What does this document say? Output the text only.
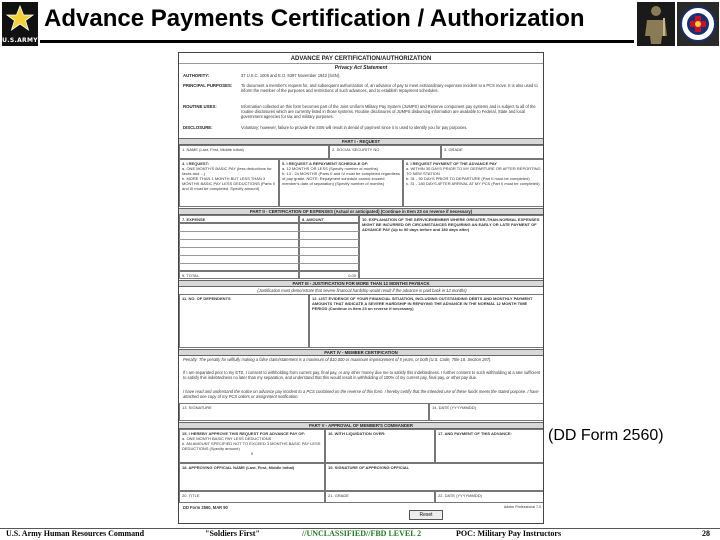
U.S.ARMY
Advance Payments Certification / Authorization
ADVANCE PAY CERTIFICATION/AUTHORIZATION
Privacy Act Statement
AUTHORITY:	37 U.S.C. 1006 and E.O. 9397 November 1943 (SSN).
PRINCIPAL PURPOSES: To document a member's request for, and subsequent authorization of, an advance of pay to meet extraordinary expenses incident to a PCS move. It is also used to inform the member of the purposes and restrictions of such advances, and to establish repayment schedules.
ROUTINE USES:	Information collected on this form becomes part of the Joint Uniform Military Pay System (JUMPS) and Reserve component pay systems and is subject to all of the routine disclosures which are currently listed in those systems. Routine disclosures of JUMPS disbursing information are available to Federal, State and local government agencies for tax and military purposes.
DISCLOSURE:	Voluntary; however, failure to provide the SSN will result in denial of payment since it is used to identify you for pay purposes.
PART I - REQUEST
1. NAME (Last, First, Middle Initial)	2. SOCIAL SECURITY NO.	3. GRADE
4. I REQUEST:
a. ONE MONTH'S BASIC PAY (less deductions for taxes and ...)
b. MORE THAN 1 MONTH BUT LESS THAN 3 MONTHS BASIC PAY LESS DEDUCTIONS (Parts II and III must be completed. Specify amount)
5. I REQUEST A REPAYMENT SCHEDULE OF:
a. 12 MONTHS OR LESS (Specify number of months)
b. 13 - 24 MONTHS (Parts II and IV must be completed regardless of pay grade. NOTE: Repayment schedule cannot exceed member's date of separation) (Specify number of months)
6. I REQUEST PAYMENT OF THE ADVANCE PAY
a. WITHIN 30 DAYS PRIOR TO MY DEPARTURE OR AFTER REPORTING TO NEW STATION
b. 31 - 90 DAYS PRIOR TO DEPARTURE (Part II must be completed)
c. 31 - 180 DAYS AFTER ARRIVAL AT MY PCS (Part II must be completed)
PART II - CERTIFICATION OF EXPENSES (Actual or anticipated) (Continue in Item 23 on reverse if necessary)
7. EXPENSE	8. AMOUNT	10. EXPLANATION OF THE SERVICEMEMBER WHERE GREATER-THAN-NORMAL EXPENSES MIGHT BE INCURRED OR CIRCUMSTANCES REQUIRING AN EARLY OR LATE PAYMENT OF ADVANCE PAY (Up to 90 days before and 180 days after)
9. TOTAL	0.00
PART III - JUSTIFICATION FOR MORE THAN 12 MONTHS PAYBACK
(Justification must demonstrate that severe financial hardship would result if the advance is paid back in 12 months)
11. NO. OF DEPENDENTS	12. LIST EVIDENCE OF YOUR FINANCIAL SITUATION, INCLUDING OUTSTANDING DEBTS AND MONTHLY PAYMENT AMOUNTS THAT INDICATE A SEVERE HARDSHIP IN REPAYING THE ADVANCE IN THE NORMAL 12 MONTH TIME PERIOD (Continue in Item 23 on reverse if necessary)
PART IV - MEMBER CERTIFICATION
Penalty: The penalty for willfully making a false claim/statement is a maximum of $10,000 or maximum imprisonment of 5 years, or both (U.S. Code, Title 18, Section 287).
If I am separated prior to my ETS, I consent to withholding from current pay, final pay, or any other money due me to satisfy this indebtedness. I further consent to such withholding at a rate sufficient to satisfy this indebtedness no later than my separation, and understand that this would result in withholding of 100% of my current pay, final pay, or other pay due.
I have read and understand the notice on advance pay incident to a PCS contained on the reverse of this form. I hereby certify that the intended use of these funds meets the stated purpose. I have attached one copy of my PCS orders or assignment notification.
13. SIGNATURE	14. DATE (YYYYMMDD)
PART V - APPROVAL OF MEMBER'S COMMANDER
15. I HEREBY APPROVE THIS REQUEST FOR ADVANCE PAY OF:
a. ONE MONTH BASIC PAY LESS DEDUCTIONS
b. AN AMOUNT SPECIFIED NOT TO EXCEED 3 MONTHS BASIC PAY LESS DEDUCTIONS (Specify amount)
0
16. WITH LIQUIDATION OVER:	17. AND PAYMENT OF THIS ADVANCE:
18. APPROVING OFFICIAL NAME (Last, First, Middle Initial)	19. SIGNATURE OF APPROVING OFFICIAL
20. TITLE	21. GRADE	22. DATE (YYYYMMDD)
DD Form 2560, MAR 90
Reset
Adobe Professional 7.0
(DD Form 2560)
U.S. Army Human Resources Command	"Soldiers First"	//UNCLASSIFIED//FBD LEVEL 2	POC: Military Pay Instructors	28
